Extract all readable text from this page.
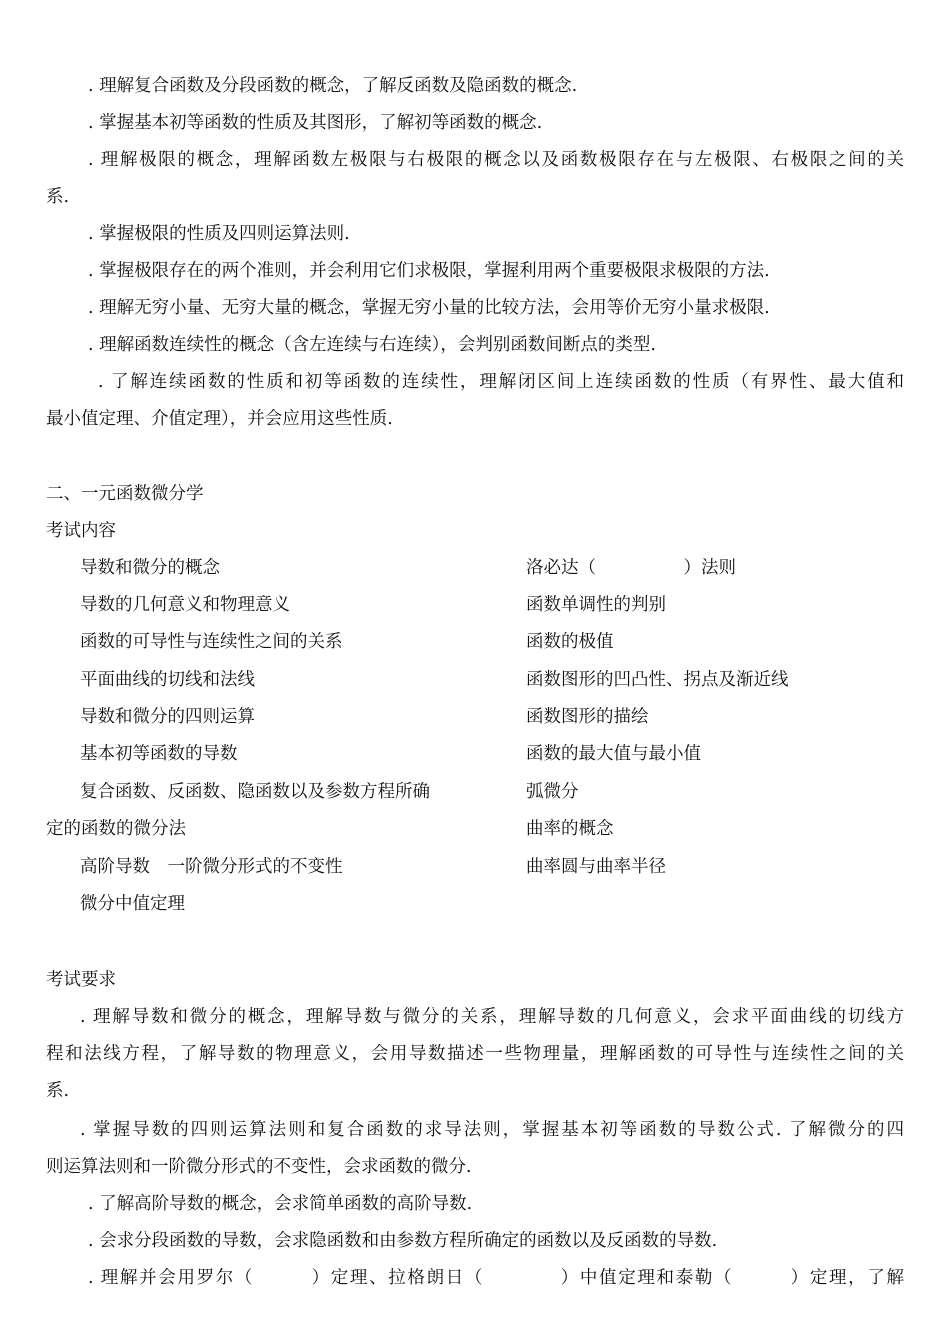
. 理解复合函数及分段函数的概念，了解反函数及隐函数的概念.
. 掌握基本初等函数的性质及其图形，了解初等函数的概念.
. 理解极限的概念，理解函数左极限与右极限的概念以及函数极限存在与左极限、右极限之间的关
系.
. 掌握极限的性质及四则运算法则.
. 掌握极限存在的两个准则，并会利用它们求极限，掌握利用两个重要极限求极限的方法.
. 理解无穷小量、无穷大量的概念，掌握无穷小量的比较方法，会用等价无穷小量求极限.
. 理解函数连续性的概念（含左连续与右连续），会判别函数间断点的类型.
. 了解连续函数的性质和初等函数的连续性，理解闭区间上连续函数的性质（有界性、最大值和
最小值定理、介值定理），并会应用这些性质.
二、一元函数微分学
考试内容
导数和微分的概念
导数的几何意义和物理意义
函数的可导性与连续性之间的关系
平面曲线的切线和法线
导数和微分的四则运算
基本初等函数的导数
复合函数、反函数、隐函数以及参数方程所确
定的函数的微分法
高阶导数　一阶微分形式的不变性
微分中值定理
洛必达（　　　　　）法则
函数单调性的判别
函数的极值
函数图形的凹凸性、拐点及渐近线
函数图形的描绘
函数的最大值与最小值
弧微分
曲率的概念
曲率圆与曲率半径
考试要求
. 理解导数和微分的概念，理解导数与微分的关系，理解导数的几何意义，会求平面曲线的切线方
程和法线方程，了解导数的物理意义，会用导数描述一些物理量，理解函数的可导性与连续性之间的关
系.
. 掌握导数的四则运算法则和复合函数的求导法则，掌握基本初等函数的导数公式. 了解微分的四
则运算法则和一阶微分形式的不变性，会求函数的微分.
. 了解高阶导数的概念，会求简单函数的高阶导数.
. 会求分段函数的导数，会求隐函数和由参数方程所确定的函数以及反函数的导数.
. 理解并会用罗尔（　　　）定理、拉格朗日（　　　　）中值定理和泰勒（　　　）定理，了解
